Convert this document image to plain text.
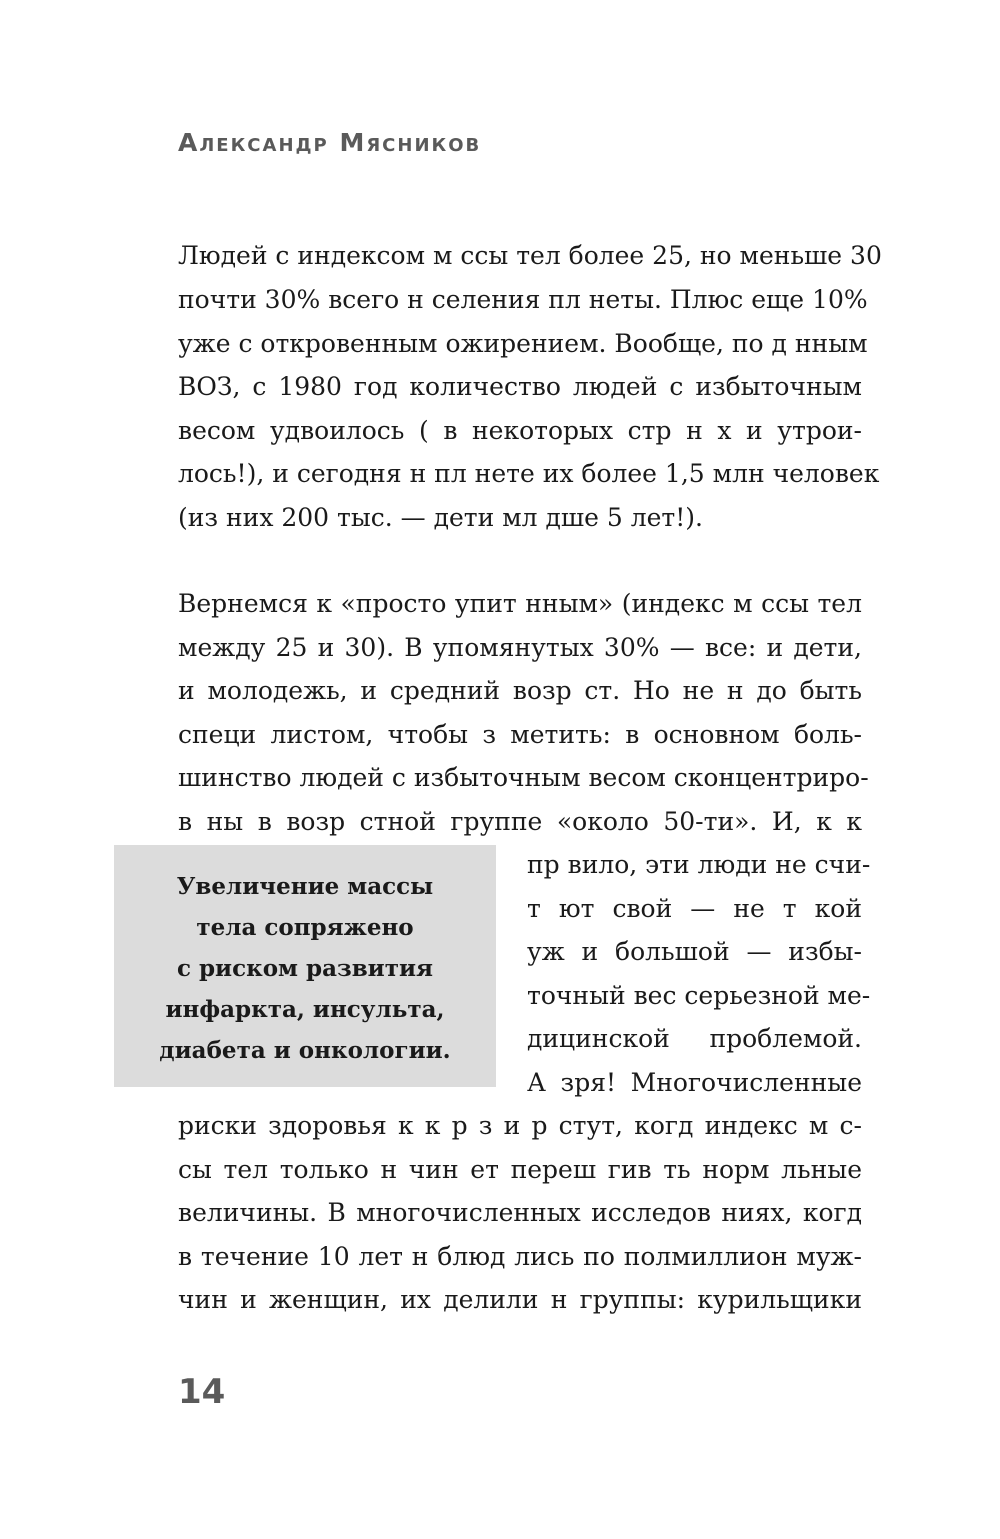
Александр Мясников
Людей с индексом м ссы тел более 25, но меньше 30
почти 30% всего н селения пл неты. Плюс еще 10%
уже с откровенным ожирением. Вообще, по д нным
ВОЗ, с 1980 год количество людей с избыточным
весом удвоилось ( в некоторых стр н х и утрои-
лось!), и сегодня н пл нете их более 1,5 млн человек
(из них 200 тыс. — дети мл дше 5 лет!).
Вернемся к «просто упит нным» (индекс м ссы тел
между 25 и 30). В упомянутых 30% — все: и дети,
и молодежь, и средний возр ст. Но не н до быть
специ листом, чтобы з метить: в основном боль-
шинство людей с избыточным весом сконцентриро-
в ны в возр стной группе «около 50-ти». И, к к
пр вило, эти люди не счи-
т ют свой — не т кой
уж и большой — избы-
точный вес серьезной ме-
дицинской проблемой.
А зря! Многочисленные
риски здоровья к к р з и р стут, когд индекс м с-
сы тел только н чин ет переш гив ть норм льные
величины. В многочисленных исследов ниях, когд
в течение 10 лет н блюд лись по полмиллион муж-
чин и женщин, их делили н группы: курильщики
Увеличение массы
тела сопряжено
с риском развития
инфаркта, инсульта,
диабета и онкологии.
14
